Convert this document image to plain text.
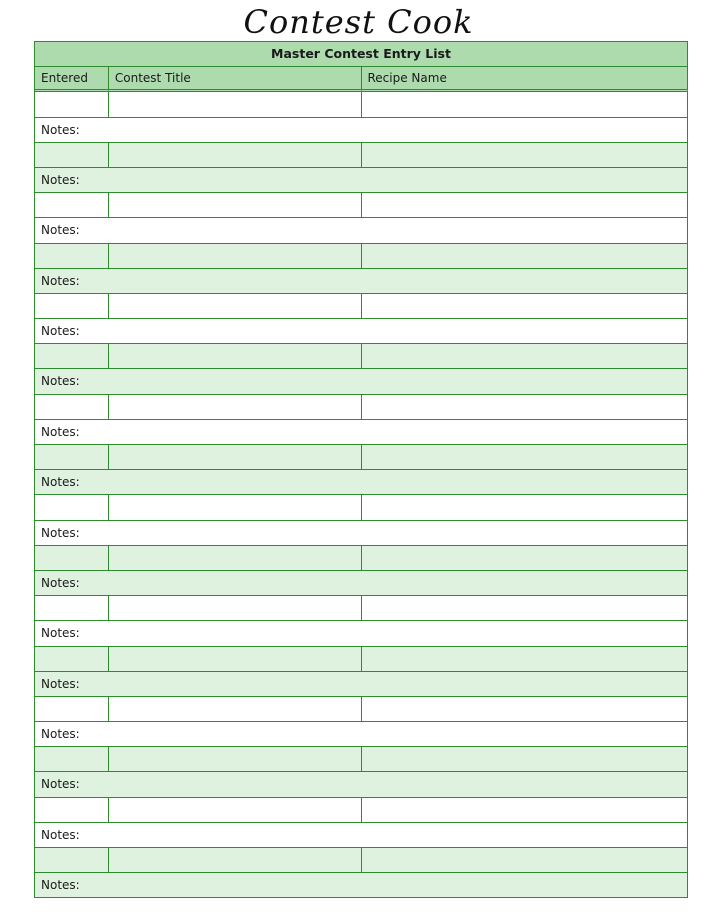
Contest Cook
Master Contest Entry List
Entered	Contest Title	Recipe Name
Notes:
Notes:
Notes:
Notes:
Notes:
Notes:
Notes:
Notes:
Notes:
Notes:
Notes:
Notes:
Notes:
Notes:
Notes:
Notes:
